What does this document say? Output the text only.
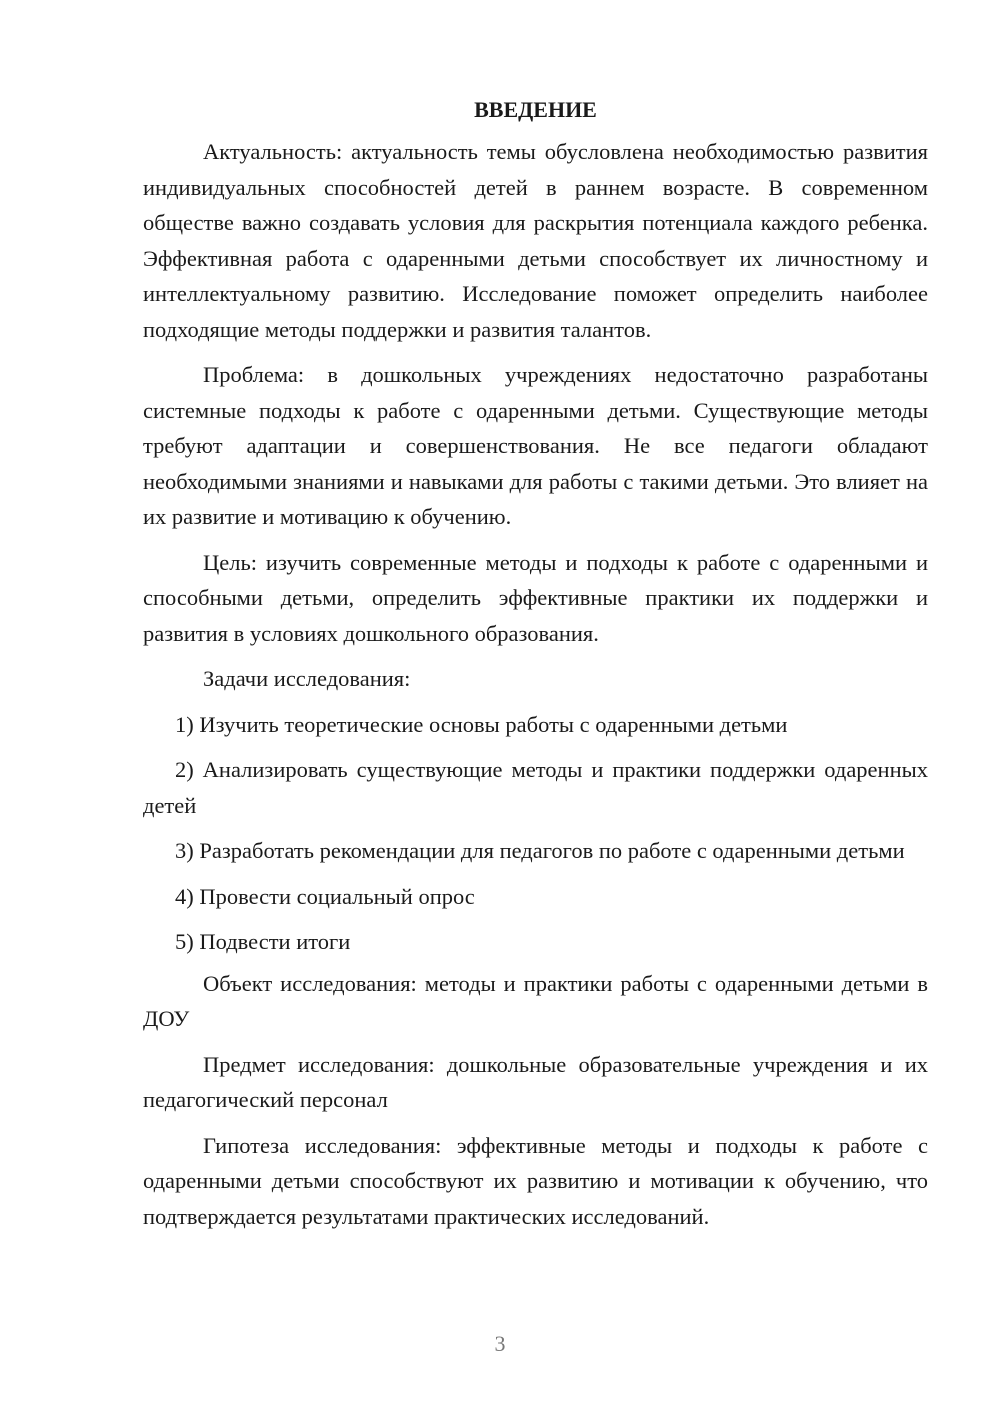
ВВЕДЕНИЕ

Актуальность: актуальность темы обусловлена необходимостью развития индивидуальных способностей детей в раннем возрасте. В современном обществе важно создавать условия для раскрытия потенциала каждого ребенка. Эффективная работа с одаренными детьми способствует их личностному и интеллектуальному развитию. Исследование поможет определить наиболее подходящие методы поддержки и развития талантов.

Проблема: в дошкольных учреждениях недостаточно разработаны системные подходы к работе с одаренными детьми. Существующие методы требуют адаптации и совершенствования. Не все педагоги обладают необходимыми знаниями и навыками для работы с такими детьми. Это влияет на их развитие и мотивацию к обучению.

Цель: изучить современные методы и подходы к работе с одаренными и способными детьми, определить эффективные практики их поддержки и развития в условиях дошкольного образования.

Задачи исследования:

1) Изучить теоретические основы работы с одаренными детьми

2) Анализировать существующие методы и практики поддержки одаренных детей

3) Разработать рекомендации для педагогов по работе с одаренными детьми

4) Провести социальный опрос

5) Подвести итоги

Объект исследования: методы и практики работы с одаренными детьми в ДОУ

Предмет исследования: дошкольные образовательные учреждения и их педагогический персонал

Гипотеза исследования: эффективные методы и подходы к работе с одаренными детьми способствуют их развитию и мотивации к обучению, что подтверждается результатами практических исследований.

3
